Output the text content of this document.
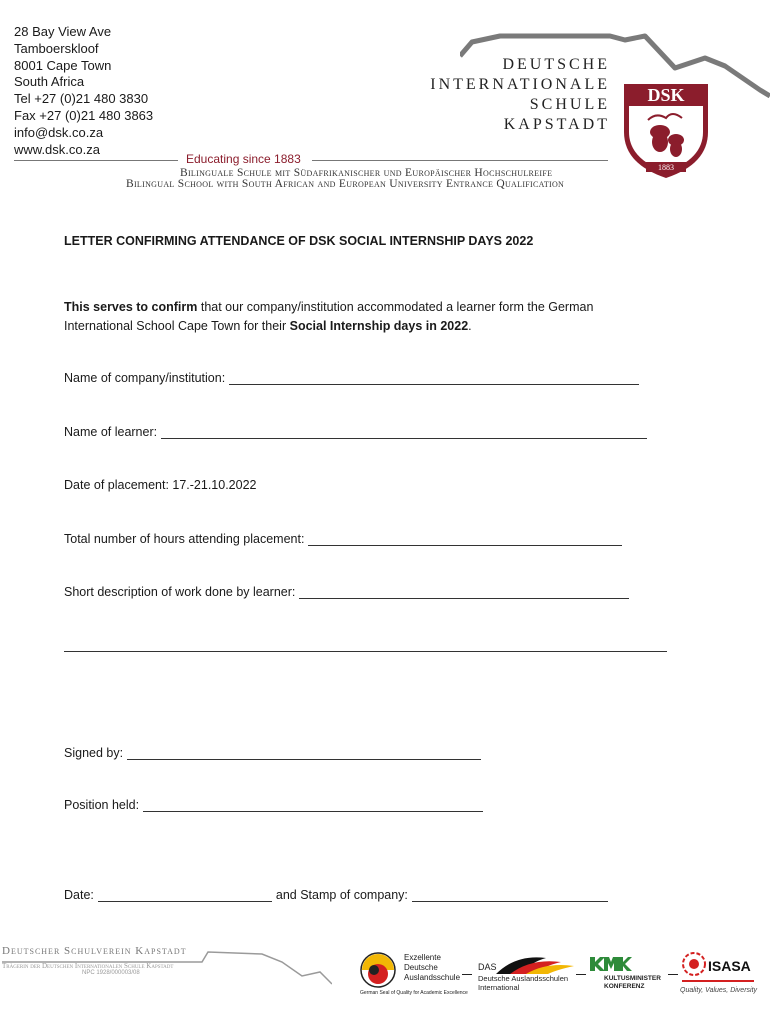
28 Bay View Ave
Tamboerskloof
8001 Cape Town
South Africa
Tel +27 (0)21 480 3830
Fax +27 (0)21 480 3863
info@dsk.co.za
www.dsk.co.za
DEUTSCHE
INTERNATIONALE
SCHULE
KAPSTADT
DSK
1883
Educating since 1883
Bilinguale Schule mit Südafrikanischer und Europäischer Hochschulreife
Bilingual School with South African and European University Entrance Qualification
LETTER CONFIRMING ATTENDANCE OF DSK SOCIAL INTERNSHIP DAYS 2022
This serves to confirm that our company/institution accommodated a learner form the German International School Cape Town for their Social Internship days in 2022.
Name of company/institution:
Name of learner:
Date of placement: 17.-21.10.2022
Total number of hours attending placement:
Short description of work done by learner:
Signed by:
Position held:
Date:	and Stamp of company:
Deutscher Schulverein Kapstadt
Trägerin der Deutschen Internationalen Schule Kapstadt
NPC 1928/000003/08
Exzellente
Deutsche
Auslandsschule
German Seal of Quality for Academic Excellence
DAS
Deutsche Auslandsschulen
International
KULTUSMINISTER
KONFERENZ
ISASA
Quality, Values, Diversity
